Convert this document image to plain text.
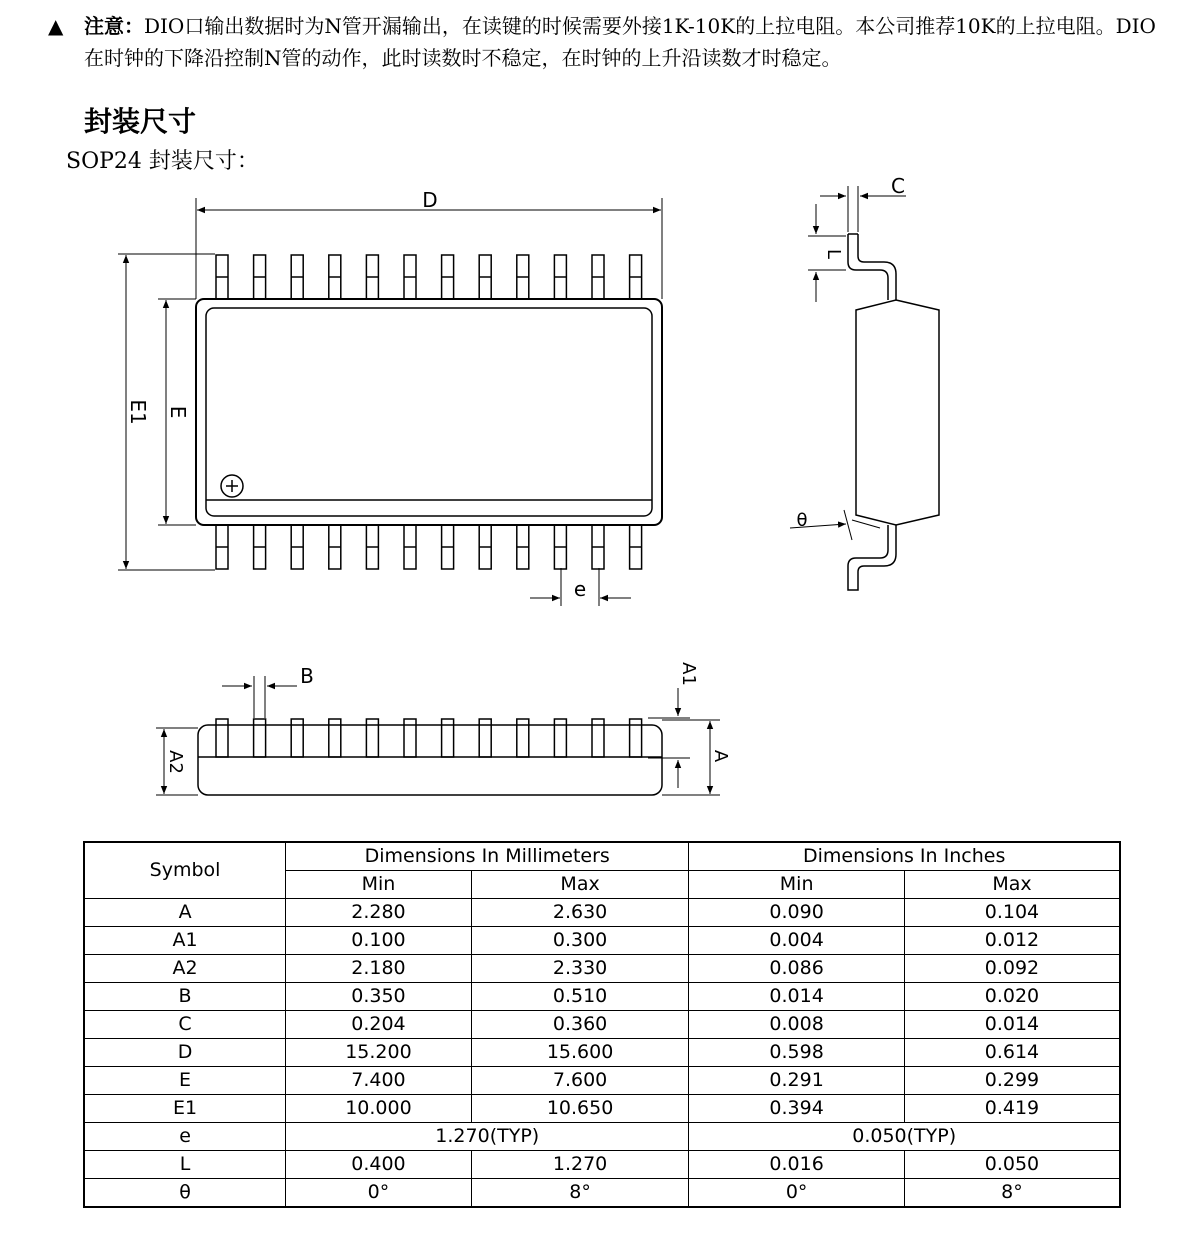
▲ 注意：DIO口输出数据时为N管开漏输出，在读键的时候需要外接1K-10K的上拉电阻。本公司推荐10K的上拉电阻。DIO在时钟的下降沿控制N管的动作，此时读数时不稳定，在时钟的上升沿读数才时稳定。
封装尺寸
SOP24 封装尺寸：
D
E1 E
e
C
L
θ
B	A1
A
A2
Symbol	Dimensions In Millimeters		Dimensions In Inches	
	Min	Max	Min	Max
A	2.280	2.630	0.090	0.104
A1	0.100	0.300	0.004	0.012
A2	2.180	2.330	0.086	0.092
B	0.350	0.510	0.014	0.020
C	0.204	0.360	0.008	0.014
D	15.200	15.600	0.598	0.614
E	7.400	7.600	0.291	0.299
E1	10.000	10.650	0.394	0.419
e	1.270(TYP)		0.050(TYP)	
L	0.400	1.270	0.016	0.050
θ	0°	8°	0°	8°
